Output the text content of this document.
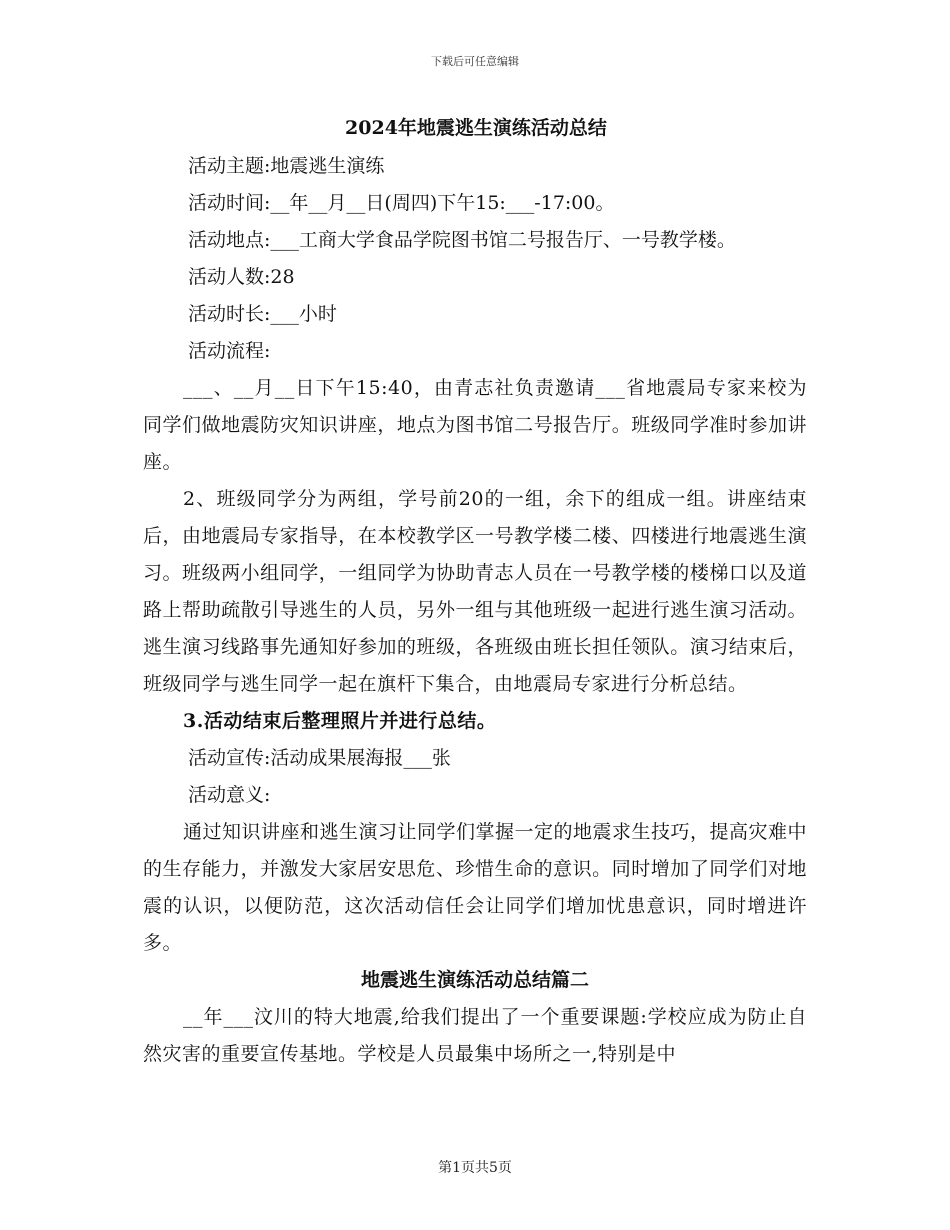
下载后可任意编辑
2024年地震逃生演练活动总结
活动主题:地震逃生演练
活动时间:__年__月__日(周四)下午15:___-17:00。
活动地点:___工商大学食品学院图书馆二号报告厅、一号教学楼。
活动人数:28
活动时长:___小时
活动流程:

___、__月__日下午15:40，由青志社负责邀请___省地震局专家来校为同学们做地震防灾知识讲座，地点为图书馆二号报告厅。班级同学准时参加讲座。

2、班级同学分为两组，学号前20的一组，余下的组成一组。讲座结束后，由地震局专家指导，在本校教学区一号教学楼二楼、四楼进行地震逃生演习。班级两小组同学，一组同学为协助青志人员在一号教学楼的楼梯口以及道路上帮助疏散引导逃生的人员，另外一组与其他班级一起进行逃生演习活动。逃生演习线路事先通知好参加的班级，各班级由班长担任领队。演习结束后，班级同学与逃生同学一起在旗杆下集合，由地震局专家进行分析总结。

3.活动结束后整理照片并进行总结。

活动宣传:活动成果展海报___张
活动意义:

通过知识讲座和逃生演习让同学们掌握一定的地震求生技巧，提高灾难中的生存能力，并激发大家居安思危、珍惜生命的意识。同时增加了同学们对地震的认识，以便防范，这次活动信任会让同学们增加忧患意识，同时增进许多。

地震逃生演练活动总结篇二

__年___汶川的特大地震,给我们提出了一个重要课题:学校应成为防止自然灾害的重要宣传基地。学校是人员最集中场所之一,特别是中

第1页共5页
